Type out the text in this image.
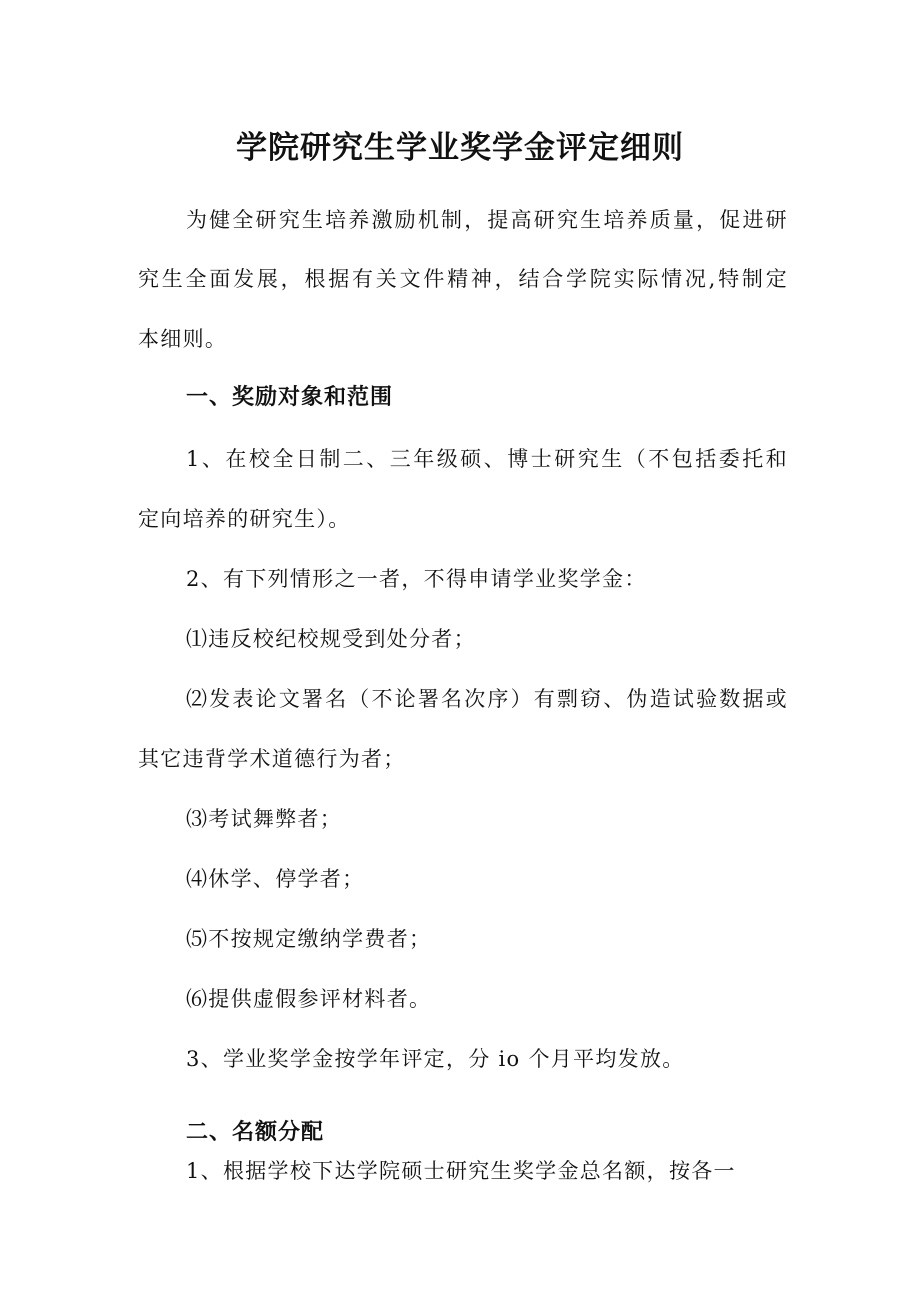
学院研究生学业奖学金评定细则
为健全研究生培养激励机制，提高研究生培养质量，促进研
究生全面发展，根据有关文件精神，结合学院实际情况,特制定
本细则。
一、奖励对象和范围
1、在校全日制二、三年级硕、博士研究生（不包括委托和
定向培养的研究生）。
2、有下列情形之一者，不得申请学业奖学金：
⑴违反校纪校规受到处分者；
⑵发表论文署名（不论署名次序）有剽窃、伪造试验数据或
其它违背学术道德行为者；
⑶考试舞弊者；
⑷休学、停学者；
⑸不按规定缴纳学费者；
⑹提供虚假参评材料者。
3、学业奖学金按学年评定，分 io 个月平均发放。
二、名额分配
1、根据学校下达学院硕士研究生奖学金总名额，按各一
